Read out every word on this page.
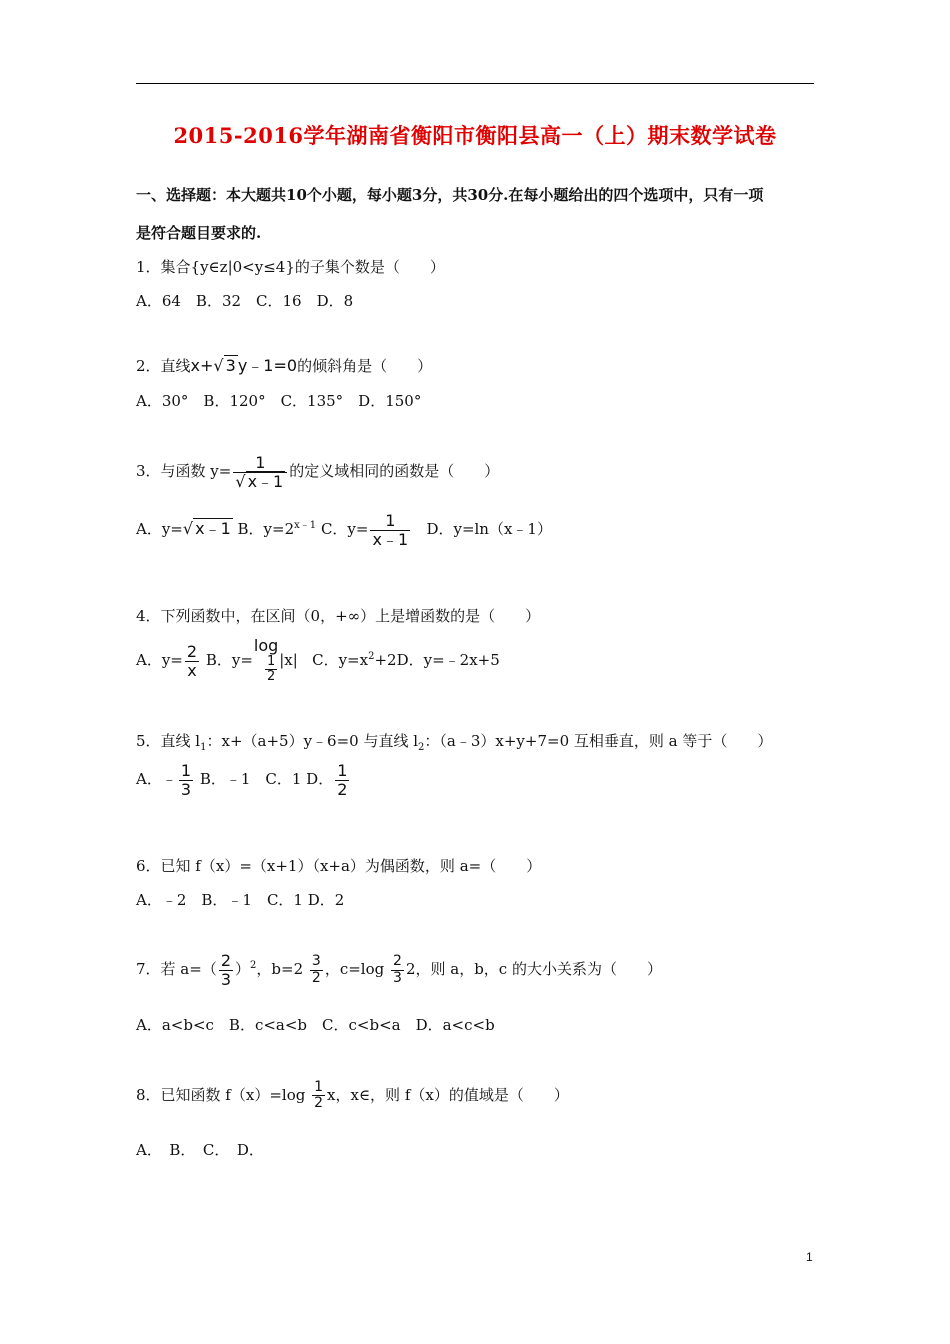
2015-2016学年湖南省衡阳市衡阳县高一（上）期末数学试卷
一、选择题：本大题共10个小题，每小题3分，共30分.在每小题给出的四个选项中，只有一项
是符合题目要求的.
1．集合{y∈z|0<y≤4}的子集个数是（　　）
A．64　B．32　C．16　D．8
2．直线x+√ 3 y﹣1=0的倾斜角是（　　）
A．30°　B．120°　C．135°　D．150°
3．与函数 $y= \frac{1}{√ x﹣1}$ 的定义域相同的函数是（　　）
A．y=√ x﹣1 B．$y=2^{x﹣1}$ C．$y= \frac{1}{x﹣1}$ D．y=ln（x﹣1）
4．下列函数中，在区间（0，+∞）上是增函数的是（　　）
A．$y= \frac{2}{x}$ B．y=
log
$\frac{1}{2} |x|$ C．$y=x^2+2D$．y=﹣2x+5
5．直线 $l_1$：x+（a+5）y﹣6=0 与直线 $l_2$：（a﹣3）x+y+7=0 互相垂直，则 a 等于（　　）
A．﹣ $\frac{1}{3}$ B．﹣1　C．1 D． $\frac{1}{2}$
6．已知 f（x）=（x+1）（x+a）为偶函数，则 a=（　　）
A．﹣2　B．﹣1　C．1 D．2
7．若 $a=( \frac{2}{3} )^2$，$b=2 \frac{3}{2}$ ，$c=\log \frac{2}{3} 2$，则 a，b，c 的大小关系为（　　）
A．a<b<c　B．c<a<b　C．c<b<a　D．a<c<b
8．已知函数 $f(x)=\log \frac{1}{2}$ x，x∈，则 f（x）的值域是（　　）
A．　B．　C．　D．
1
